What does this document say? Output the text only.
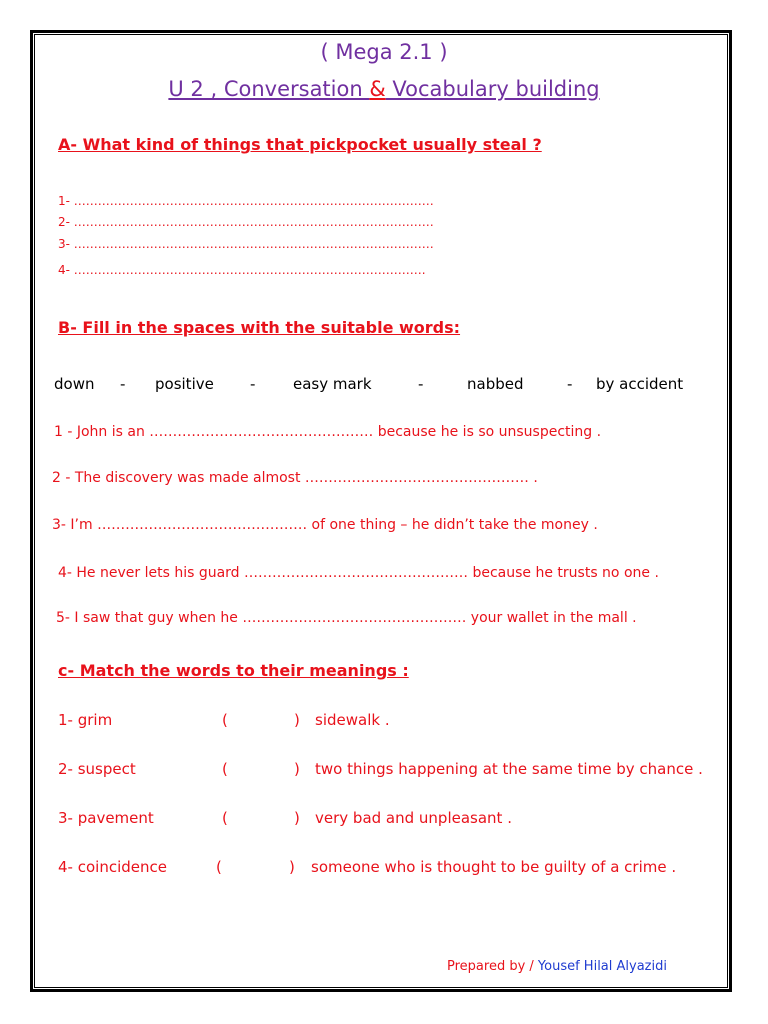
( Mega 2.1 )
U 2 , Conversation & Vocabulary building
A- What kind of things that pickpocket usually steal ?
1- ………………………………………………………………………………
2- ………………………………………………………………………………
3- ………………………………………………………………………………
4- …………………………………………………………………………….
B- Fill in the spaces with the suitable words:
down - positive -	easy mark	-	nabbed	- by accident
1 - John is an ………………………………………… because he is so unsuspecting .
2 - The discovery was made almost ………………………………………… .
3- I’m ……………………………………… of one thing – he didn’t take the money .
4- He never lets his guard ………………………………………… because he trusts no one .
5- I saw that guy when he ………………………………………… your wallet in the mall .
c- Match the words to their meanings :
1- grim	(	) sidewalk .
2- suspect	(	) two things happening at the same time by chance .
3- pavement	(	) very bad and unpleasant .
4- coincidence	(	) someone who is thought to be guilty of a crime .
Prepared by / Yousef Hilal Alyazidi
